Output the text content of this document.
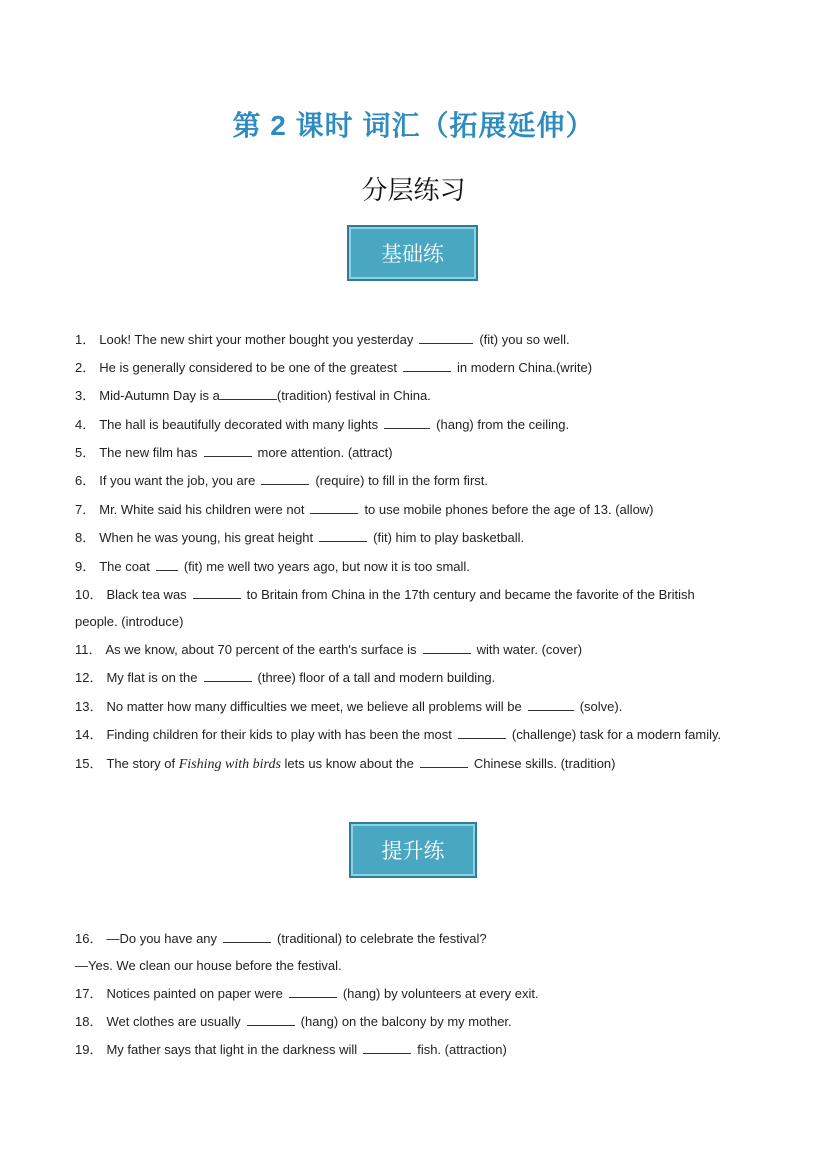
第 2 课时 词汇（拓展延伸）
分层练习
基础练
1． Look! The new shirt your mother bought you yesterday	(fit) you so well.
2． He is generally considered to be one of the greatest	in modern China.(write)
3． Mid-Autumn Day is a	(tradition) festival in China.
4． The hall is beautifully decorated with many lights	(hang) from the ceiling.
5． The new film has	more attention. (attract)
6． If you want the job, you are	(require) to fill in the form first.
7． Mr. White said his children were not	to use mobile phones before the age of 13. (allow)
8． When he was young, his great height	(fit) him to play basketball.
9． The coat	(fit) me well two years ago, but now it is too small.
10． Black tea was	to Britain from China in the 17th century and became the favorite of the British
people. (introduce)
11． As we know, about 70 percent of the earth's surface is	with water. (cover)
12． My flat is on the	(three) floor of a tall and modern building.
13． No matter how many difficulties we meet, we believe all problems will be	(solve).
14． Finding children for their kids to play with has been the most	(challenge) task for a modern family.
15． The story of Fishing with birds lets us know about the	Chinese skills. (tradition)
提升练
16． —Do you have any	(traditional) to celebrate the festival?
—Yes. We clean our house before the festival.
17． Notices painted on paper were	(hang) by volunteers at every exit.
18． Wet clothes are usually	(hang) on the balcony by my mother.
19． My father says that light in the darkness will	fish. (attraction)
